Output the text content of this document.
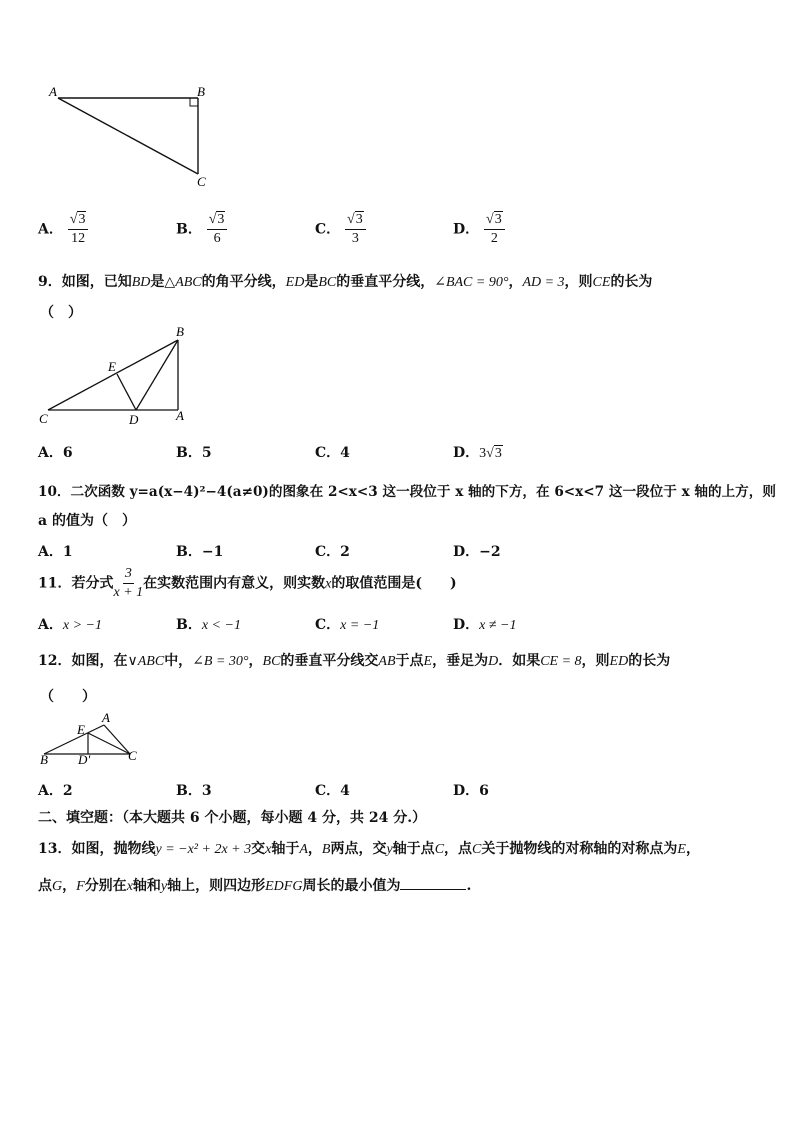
A	B
C
A． $\frac{√3}{12}$	B． $\frac{√3}{6}$	C． $\frac{√3}{3}$	D． $\frac{√3}{2}$
9．如图，已知BD是△ABC的角平分线，ED是BC的垂直平分线，∠BAC = 90°，AD = 3，则CE的长为
（　）
B
E
C	D	A
A．6	B．5	C．4	D．3√3
10．二次函数 y=a(x−4)²−4(a≠0)的图象在 2<x<3 这一段位于 x 轴的下方，在 6<x<7 这一段位于 x 轴的上方，则
a 的值为（　）
A．1	B．−1	C．2	D．−2
11．若分式 $\frac{3}{x + 1}$ 在实数范围内有意义，则实数x的取值范围是(　　)
A．x > −1	B．x < −1	C．x = −1	D．x ≠ −1
12．如图，在∨ABC中，∠B = 30°，BC的垂直平分线交AB于点E，垂足为D．如果CE = 8，则ED的长为
（　　）
A
E
B D'	C
A．2	B．3	C．4	D．6
二、填空题：（本大题共 6 个小题，每小题 4 分，共 24 分.）
13．如图，抛物线y = −x² + 2x + 3交x轴于A，B两点，交y轴于点C，点C关于抛物线的对称轴的对称点为E，
点G，F分别在x轴和y轴上，则四边形EDFG周长的最小值为	.
